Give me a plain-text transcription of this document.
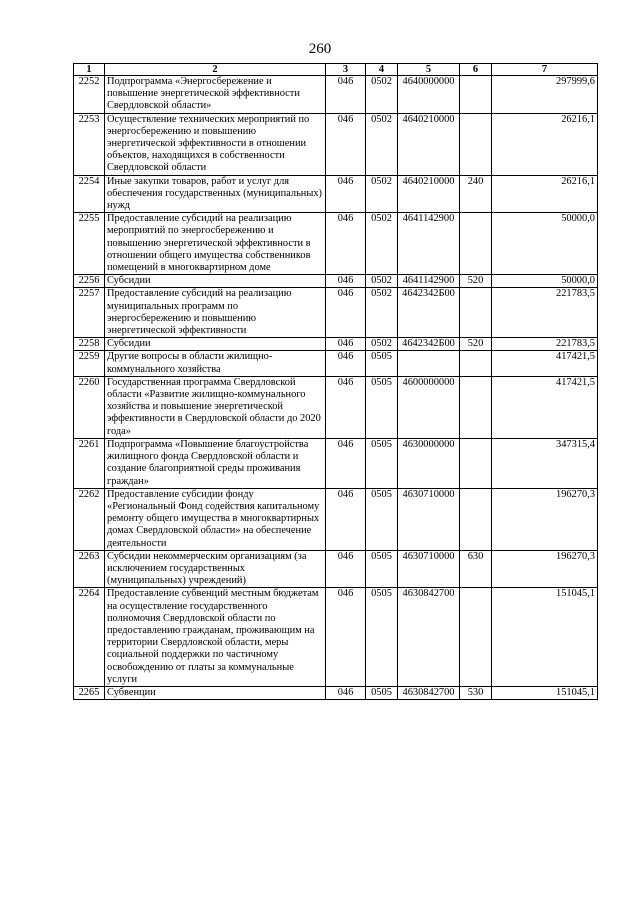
260
1	2	3	4	5	6	7
2252	Подпрограмма «Энергосбережение и повышение энергетической эффективности Свердловской области»	046	0502	4640000000		297999,6
2253	Осуществление технических мероприятий по энергосбережению и повышению энергетической эффективности в отношении объектов, находящихся в собственности Свердловской области	046	0502	4640210000		26216,1
2254	Иные закупки товаров, работ и услуг для обеспечения государственных (муниципальных) нужд	046	0502	4640210000	240	26216,1
2255	Предоставление субсидий на реализацию мероприятий по энергосбережению и повышению энергетической эффективности в отношении общего имущества собственников помещений в многоквартирном доме	046	0502	4641142900		50000,0
2256	Субсидии	046	0502	4641142900	520	50000,0
2257	Предоставление субсидий на реализацию муниципальных программ по энергосбережению и повышению энергетической эффективности	046	0502	4642342Б00		221783,5
2258	Субсидии	046	0502	4642342Б00	520	221783,5
2259	Другие вопросы в области жилищно-коммунального хозяйства	046	0505			417421,5
2260	Государственная программа Свердловской области «Развитие жилищно-коммунального хозяйства и повышение энергетической эффективности в Свердловской области до 2020 года»	046	0505	4600000000		417421,5
2261	Подпрограмма «Повышение благоустройства жилищного фонда Свердловской области и создание благоприятной среды проживания граждан»	046	0505	4630000000		347315,4
2262	Предоставление субсидии фонду «Региональный Фонд содействия капитальному ремонту общего имущества в многоквартирных домах Свердловской области» на обеспечение деятельности	046	0505	4630710000		196270,3
2263	Субсидии некоммерческим организациям (за исключением государственных (муниципальных) учреждений)	046	0505	4630710000	630	196270,3
2264	Предоставление субвенций местным бюджетам на осуществление государственного полномочия Свердловской области по предоставлению гражданам, проживающим на территории Свердловской области, меры социальной поддержки по частичному освобождению от платы за коммунальные услуги	046	0505	4630842700		151045,1
2265	Субвенции	046	0505	4630842700	530	151045,1
